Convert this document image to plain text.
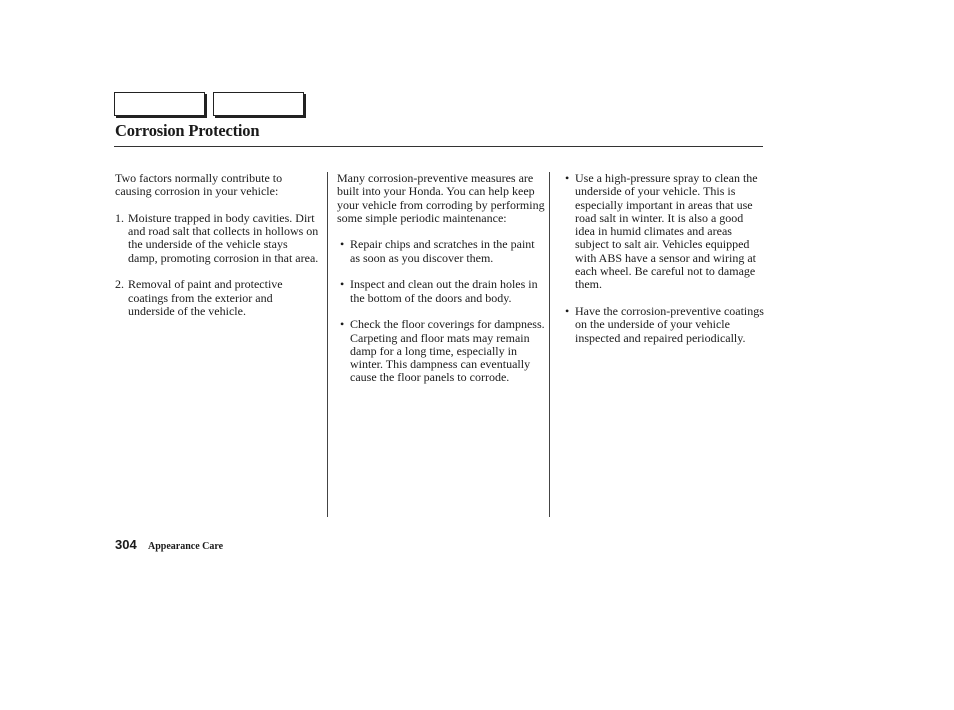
Corrosion Protection

Two factors normally contribute to causing corrosion in your vehicle:

1. Moisture trapped in body cavities. Dirt and road salt that collects in hollows on the underside of the vehicle stays damp, promoting corrosion in that area.
2. Removal of paint and protective coatings from the exterior and underside of the vehicle.

Many corrosion-preventive measures are built into your Honda. You can help keep your vehicle from corroding by performing some simple periodic maintenance:

• Repair chips and scratches in the paint as soon as you discover them.
• Inspect and clean out the drain holes in the bottom of the doors and body.
• Check the floor coverings for dampness. Carpeting and floor mats may remain damp for a long time, especially in winter. This dampness can eventually cause the floor panels to corrode.
• Use a high-pressure spray to clean the underside of your vehicle. This is especially important in areas that use road salt in winter. It is also a good idea in humid climates and areas subject to salt air. Vehicles equipped with ABS have a sensor and wiring at each wheel. Be careful not to damage them.
• Have the corrosion-preventive coatings on the underside of your vehicle inspected and repaired periodically.
304 Appearance Care
